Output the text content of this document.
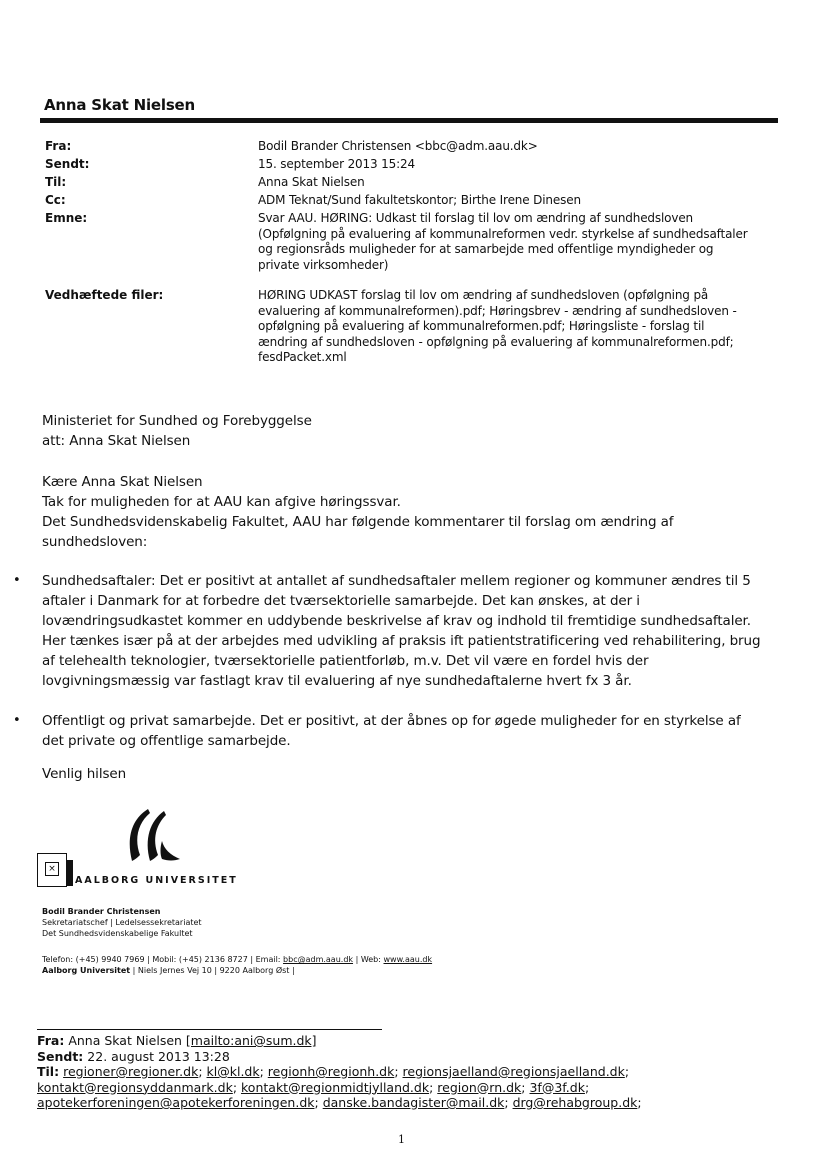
Anna Skat Nielsen
Fra:	Bodil Brander Christensen <bbc@adm.aau.dk>
Sendt:	15. september 2013 15:24
Til:	Anna Skat Nielsen
Cc:	ADM Teknat/Sund fakultetskontor; Birthe Irene Dinesen
Emne:	Svar AAU. HØRING: Udkast til forslag til lov om ændring af sundhedsloven
(Opfølgning på evaluering af kommunalreformen vedr. styrkelse af sundhedsaftaler
og regionsråds muligheder for at samarbejde med offentlige myndigheder og
private virksomheder)
Vedhæftede filer:	HØRING UDKAST forslag til lov om ændring af sundhedsloven (opfølgning på
evaluering af kommunalreformen).pdf; Høringsbrev - ændring af sundhedsloven -
opfølgning på evaluering af kommunalreformen.pdf; Høringsliste - forslag til
ændring af sundhedsloven - opfølgning på evaluering af kommunalreformen.pdf;
fesdPacket.xml
Ministeriet for Sundhed og Forebyggelse
att: Anna Skat Nielsen
Kære Anna Skat Nielsen
Tak for muligheden for at AAU kan afgive høringssvar.
Det Sundhedsvidenskabelig Fakultet, AAU har følgende kommentarer til forslag om ændring af
sundhedsloven:
• Sundhedsaftaler: Det er positivt at antallet af sundhedsaftaler mellem regioner og kommuner ændres til 5
aftaler i Danmark for at forbedre det tværsektorielle samarbejde. Det kan ønskes, at der i
lovændringsudkastet kommer en uddybende beskrivelse af krav og indhold til fremtidige sundhedsaftaler.
Her tænkes især på at der arbejdes med udvikling af praksis ift patientstratificering ved rehabilitering, brug
af telehealth teknologier, tværsektorielle patientforløb, m.v. Det vil være en fordel hvis der
lovgivningsmæssig var fastlagt krav til evaluering af nye sundhedaftalerne hvert fx 3 år.
• Offentligt og privat samarbejde. Det er positivt, at der åbnes op for øgede muligheder for en styrkelse af
det private og offentlige samarbejde.
Venlig hilsen
×
AALBORG UNIVERSITET
Bodil Brander Christensen
Sekretariatschef | Ledelsessekretariatet
Det Sundhedsvidenskabelige Fakultet
Telefon: (+45) 9940 7969 | Mobil: (+45) 2136 8727 | Email: bbc@adm.aau.dk | Web: www.aau.dk
Aalborg Universitet | Niels Jernes Vej 10 | 9220 Aalborg Øst |
Fra: Anna Skat Nielsen [mailto:ani@sum.dk]
Sendt: 22. august 2013 13:28
Til: regioner@regioner.dk; kl@kl.dk; regionh@regionh.dk; regionsjaelland@regionsjaelland.dk;
kontakt@regionsyddanmark.dk; kontakt@regionmidtjylland.dk; region@rn.dk; 3f@3f.dk;
apotekerforeningen@apotekerforeningen.dk; danske.bandagister@mail.dk; drg@rehabgroup.dk;
1
